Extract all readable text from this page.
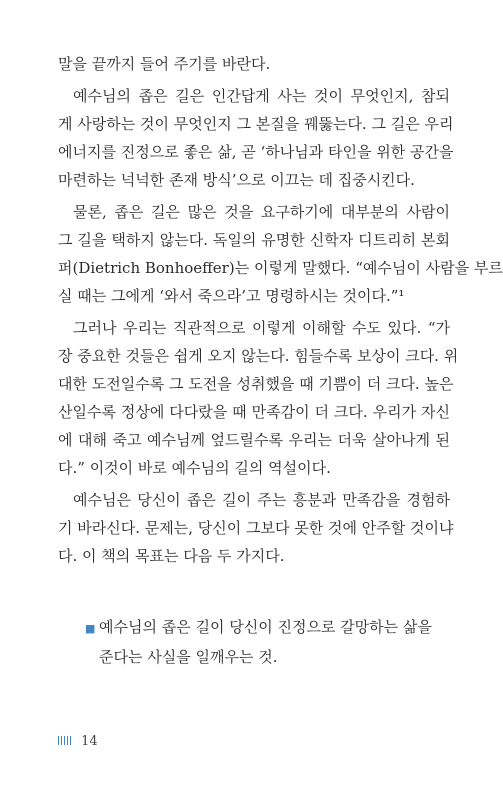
말을 끝까지 들어 주기를 바란다.
예수님의 좁은 길은 인간답게 사는 것이 무엇인지, 참되
게 사랑하는 것이 무엇인지 그 본질을 꿰뚫는다. 그 길은 우리
에너지를 진정으로 좋은 삶, 곧 ‘하나님과 타인을 위한 공간을
마련하는 넉넉한 존재 방식’으로 이끄는 데 집중시킨다.
물론, 좁은 길은 많은 것을 요구하기에 대부분의 사람이
그 길을 택하지 않는다. 독일의 유명한 신학자 디트리히 본회
퍼(Dietrich Bonhoeffer)는 이렇게 말했다. “예수님이 사람을 부르
실 때는 그에게 ‘와서 죽으라’고 명령하시는 것이다.”¹
그러나 우리는 직관적으로 이렇게 이해할 수도 있다. “가
장 중요한 것들은 쉽게 오지 않는다. 힘들수록 보상이 크다. 위
대한 도전일수록 그 도전을 성취했을 때 기쁨이 더 크다. 높은
산일수록 정상에 다다랐을 때 만족감이 더 크다. 우리가 자신
에 대해 죽고 예수님께 엎드릴수록 우리는 더욱 살아나게 된
다.” 이것이 바로 예수님의 길의 역설이다.
예수님은 당신이 좁은 길이 주는 흥분과 만족감을 경험하
기 바라신다. 문제는, 당신이 그보다 못한 것에 안주할 것이냐
다. 이 책의 목표는 다음 두 가지다.
■ 예수님의 좁은 길이 당신이 진정으로 갈망하는 삶을
준다는 사실을 일깨우는 것.
14
